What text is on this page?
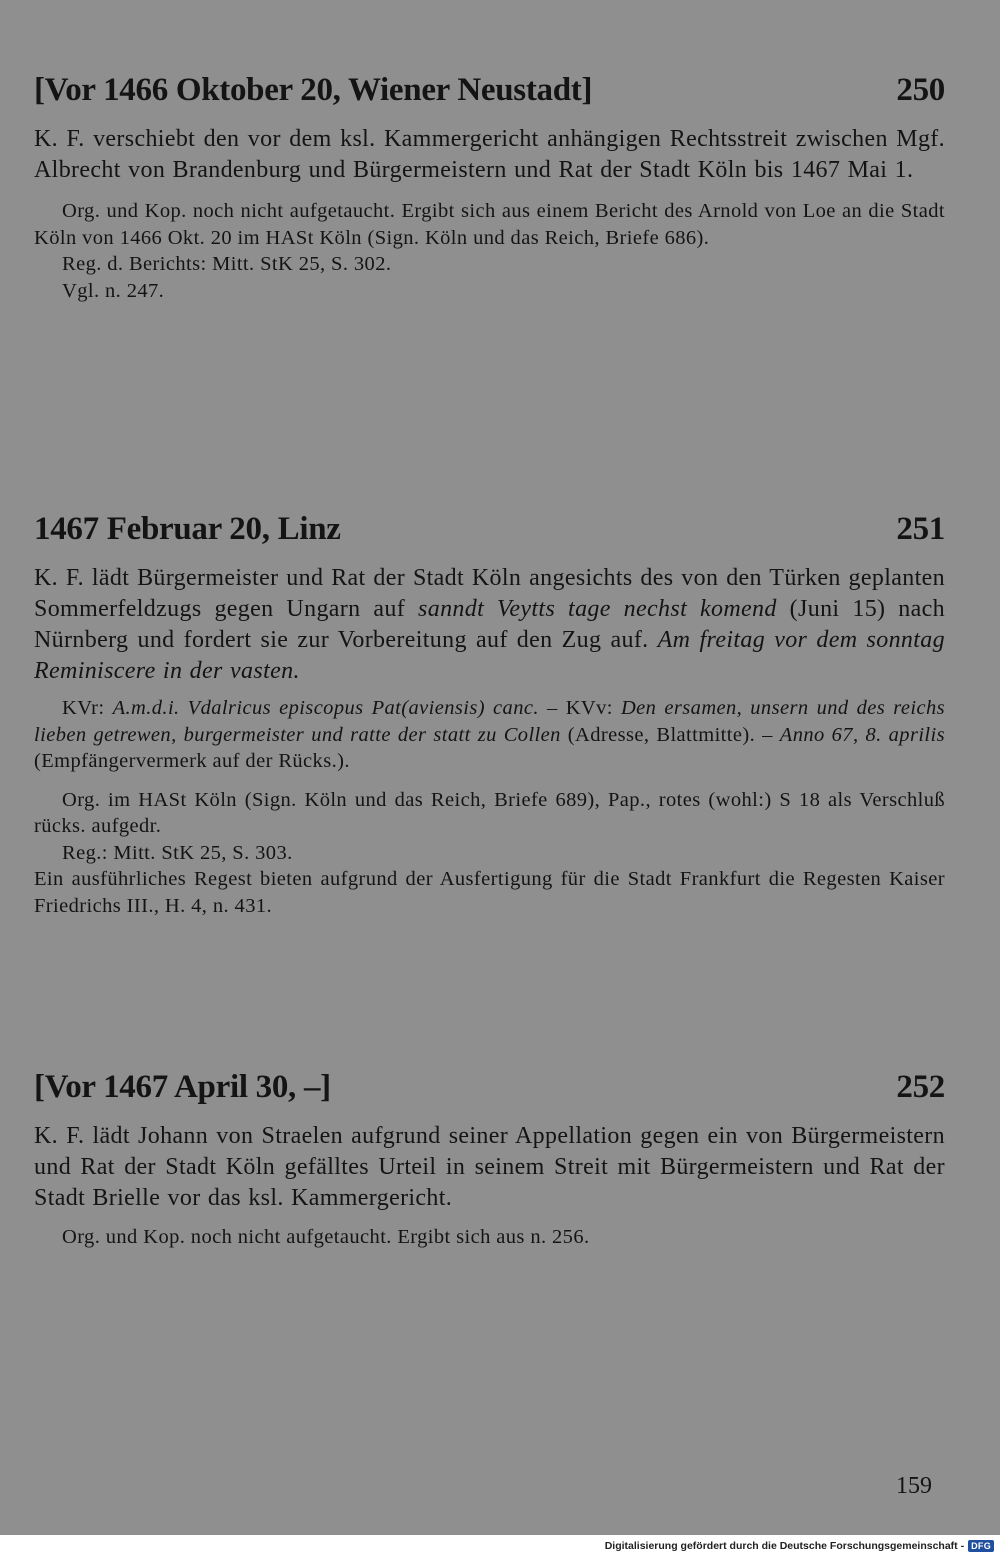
[Vor 1466 Oktober 20, Wiener Neustadt]	250

K. F. verschiebt den vor dem ksl. Kammergericht anhängigen Rechtsstreit zwischen Mgf. Albrecht von Brandenburg und Bürgermeistern und Rat der Stadt Köln bis 1467 Mai 1.

Org. und Kop. noch nicht aufgetaucht. Ergibt sich aus einem Bericht des Arnold von Loe an die Stadt Köln von 1466 Okt. 20 im HASt Köln (Sign. Köln und das Reich, Briefe 686).

Reg. d. Berichts: Mitt. StK 25, S. 302.

Vgl. n. 247.

1467 Februar 20, Linz	251

K. F. lädt Bürgermeister und Rat der Stadt Köln angesichts des von den Türken geplanten Sommerfeldzugs gegen Ungarn auf sanndt Veytts tage nechst komend (Juni 15) nach Nürnberg und fordert sie zur Vorbereitung auf den Zug auf. Am freitag vor dem sonntag Reminiscere in der vasten.

KVr: A.m.d.i. Vdalricus episcopus Pat(aviensis) canc. – KVv: Den ersamen, unsern und des reichs lieben getrewen, burgermeister und ratte der statt zu Collen (Adresse, Blattmitte). – Anno 67, 8. aprilis (Empfängervermerk auf der Rücks.).

Org. im HASt Köln (Sign. Köln und das Reich, Briefe 689), Pap., rotes (wohl:) S 18 als Verschluß rücks. aufgedr.

Reg.: Mitt. StK 25, S. 303.

Ein ausführliches Regest bieten aufgrund der Ausfertigung für die Stadt Frankfurt die Regesten Kaiser Friedrichs III., H. 4, n. 431.

[Vor 1467 April 30, –]	252

K. F. lädt Johann von Straelen aufgrund seiner Appellation gegen ein von Bürgermeistern und Rat der Stadt Köln gefälltes Urteil in seinem Streit mit Bürgermeistern und Rat der Stadt Brielle vor das ksl. Kammergericht.

Org. und Kop. noch nicht aufgetaucht. Ergibt sich aus n. 256.

159
Digitalisierung gefördert durch die Deutsche Forschungsgemeinschaft - DFG
